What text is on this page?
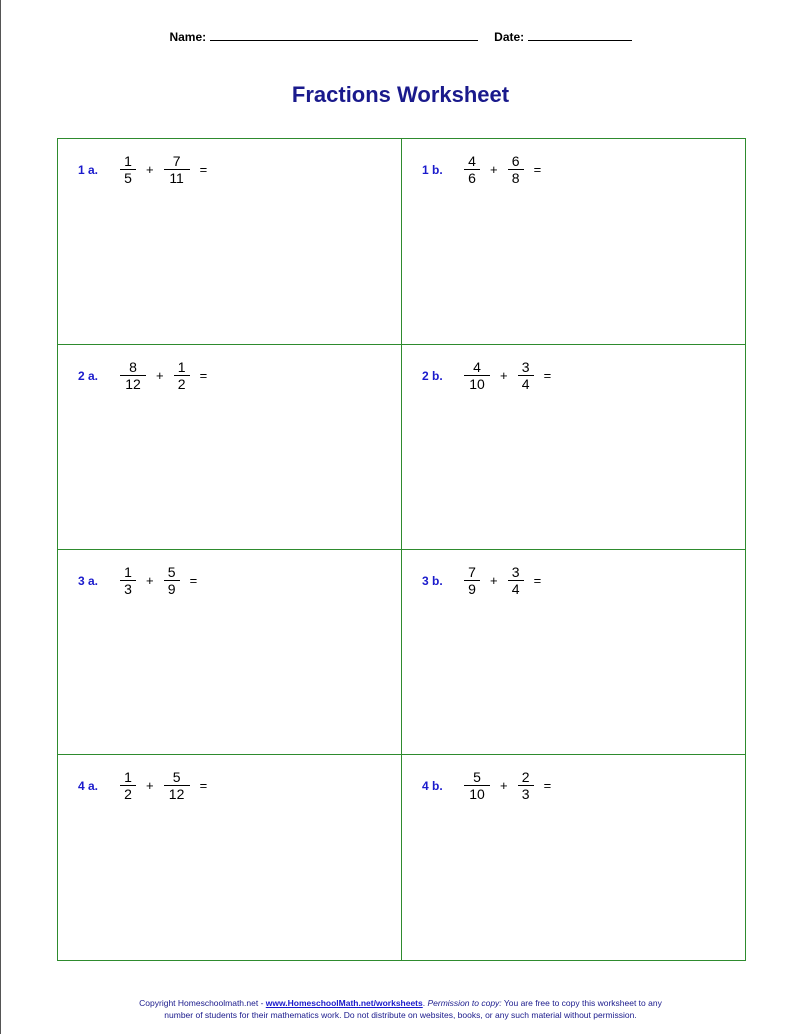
Name:	Date:
Fractions Worksheet
1 a.	$\frac{1}{5} + \frac{7}{11}$ =	1 b.	$\frac{4}{6} + \frac{6}{8}$ =
2 a.	$\frac{8}{12} + \frac{1}{2}$ =	2 b.	$\frac{4}{10} + \frac{3}{4}$ =
3 a.	$\frac{1}{3} + \frac{5}{9}$ =	3 b.	$\frac{7}{9} + \frac{3}{4}$ =
4 a.	$\frac{1}{2} + \frac{5}{12}$ =	4 b.	$\frac{5}{10} + \frac{2}{3}$ =
Copyright Homeschoolmath.net - www.HomeschoolMath.net/worksheets. Permission to copy: You are free to copy this worksheet to any
number of students for their mathematics work. Do not distribute on websites, books, or any such material without permission.
